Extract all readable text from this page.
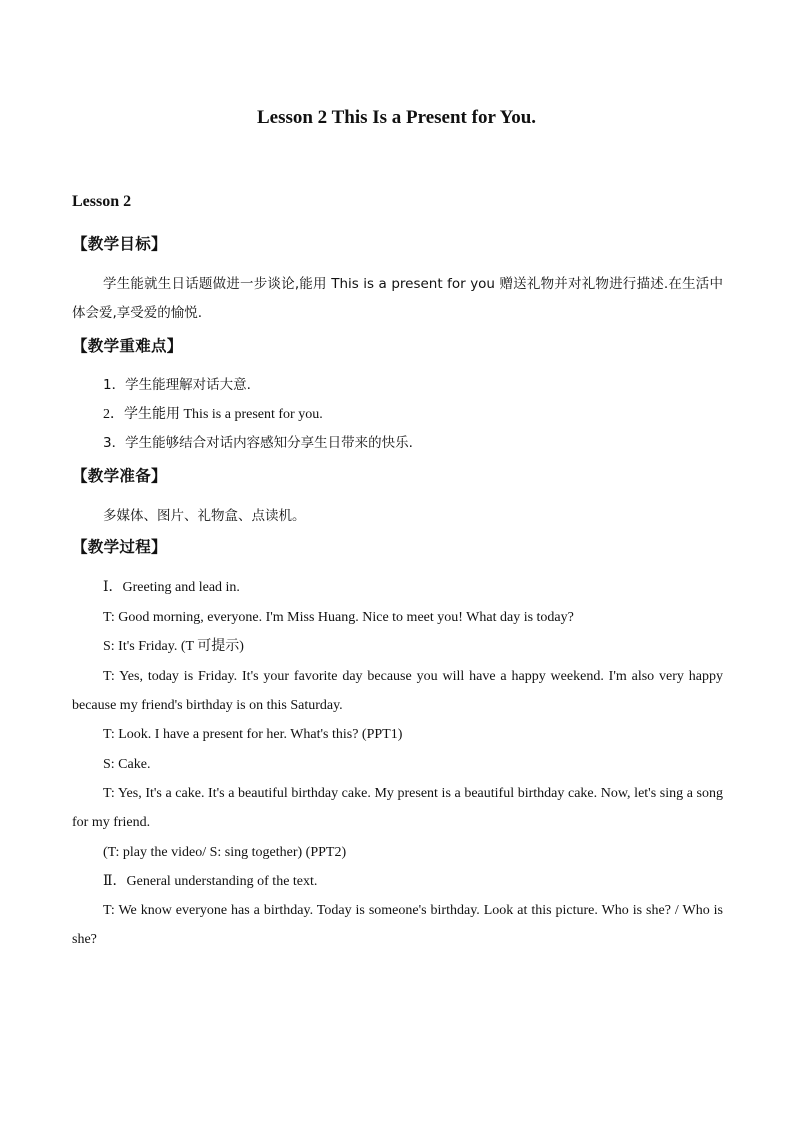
Lesson 2 This Is a Present for You.
Lesson 2
【教学目标】
学生能就生日话题做进一步谈论,能用 This is a present for you 赠送礼物并对礼物进行描述.在生活中体会爱,享受爱的愉悦.
【教学重难点】
1．学生能理解对话大意.
2．学生能用 This is a present for you.
3．学生能够结合对话内容感知分享生日带来的快乐.
【教学准备】
多媒体、图片、礼物盒、点读机。
【教学过程】
Ⅰ．Greeting and lead in.
T: Good morning, everyone. I'm Miss Huang. Nice to meet you! What day is today?
S: It's Friday. (T 可提示)
T: Yes, today is Friday. It's your favorite day because you will have a happy weekend. I'm also very happy because my friend's birthday is on this Saturday.
T: Look. I have a present for her. What's this? (PPT1)
S: Cake.
T: Yes, It's a cake. It's a beautiful birthday cake. My present is a beautiful birthday cake. Now, let's sing a song for my friend.
(T: play the video/ S: sing together) (PPT2)
Ⅱ．General understanding of the text.
T: We know everyone has a birthday. Today is someone's birthday. Look at this picture. Who is she? / Who is she?
